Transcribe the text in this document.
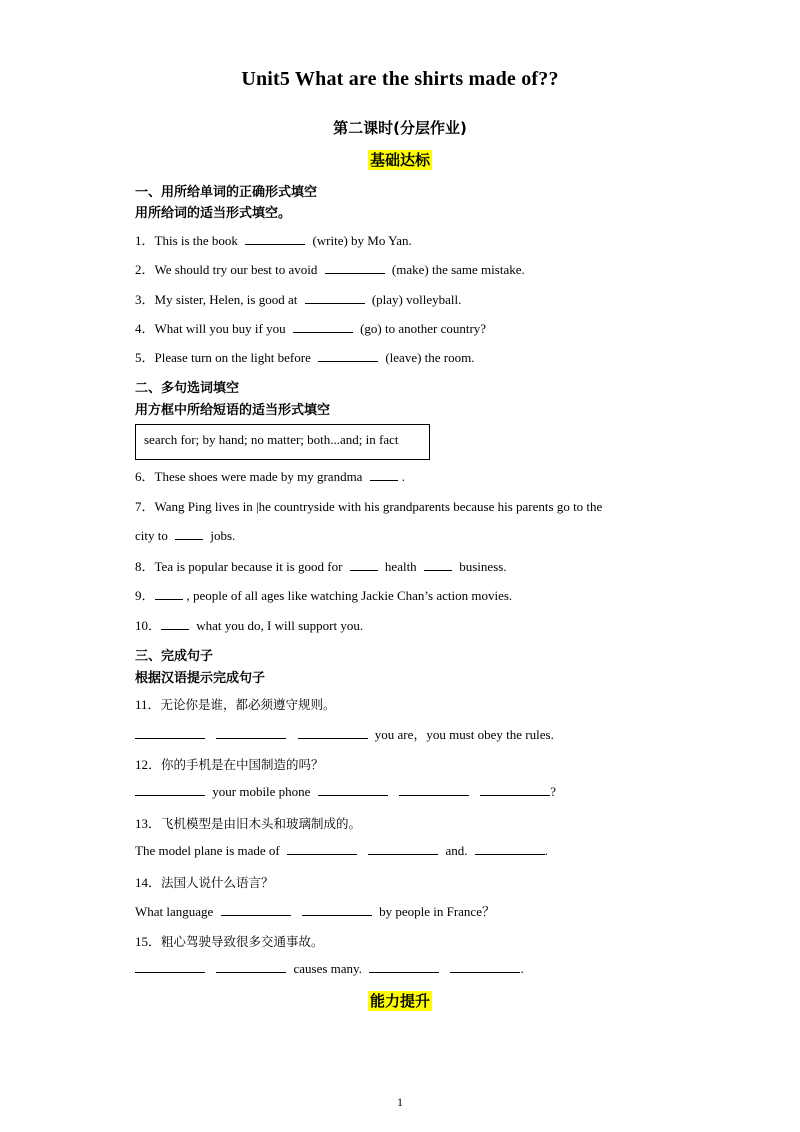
Unit5 What are the shirts made of??
第二课时(分层作业)
基础达标
一、用所给单词的正确形式填空
用所给词的适当形式填空。
1．This is the book	(write) by Mo Yan.
2．We should try our best to avoid	(make) the same mistake.
3．My sister, Helen, is good at	(play) volleyball.
4．What will you buy if you	(go) to another country?
5．Please turn on the light before	(leave) the room.
二、多句选词填空
用方框中所给短语的适当形式填空
search for; by hand; no matter; both...and; in fact
6．These shoes were made by my grandma	.
7．Wang Ping lives in |he countryside with his grandparents because his parents go to the
city to	jobs.
8．Tea is popular because it is good for	health	business.
9． , people of all ages like watching Jackie Chan’s action movies.
10．	what you do, I will support you.
三、完成句子
根据汉语提示完成句子
11．无论你是谁，都必须遵守规则。
you are，you must obey the rules.
12．你的手机是在中国制造的吗？
your mobile phone	?
13．飞机模型是由旧木头和玻璃制成的。
The model plane is made of	and.	.
14．法国人说什么语言？
What language	by people in France？
15．粗心驾驶导致很多交通事故。
causes many.	.
能力提升
1
